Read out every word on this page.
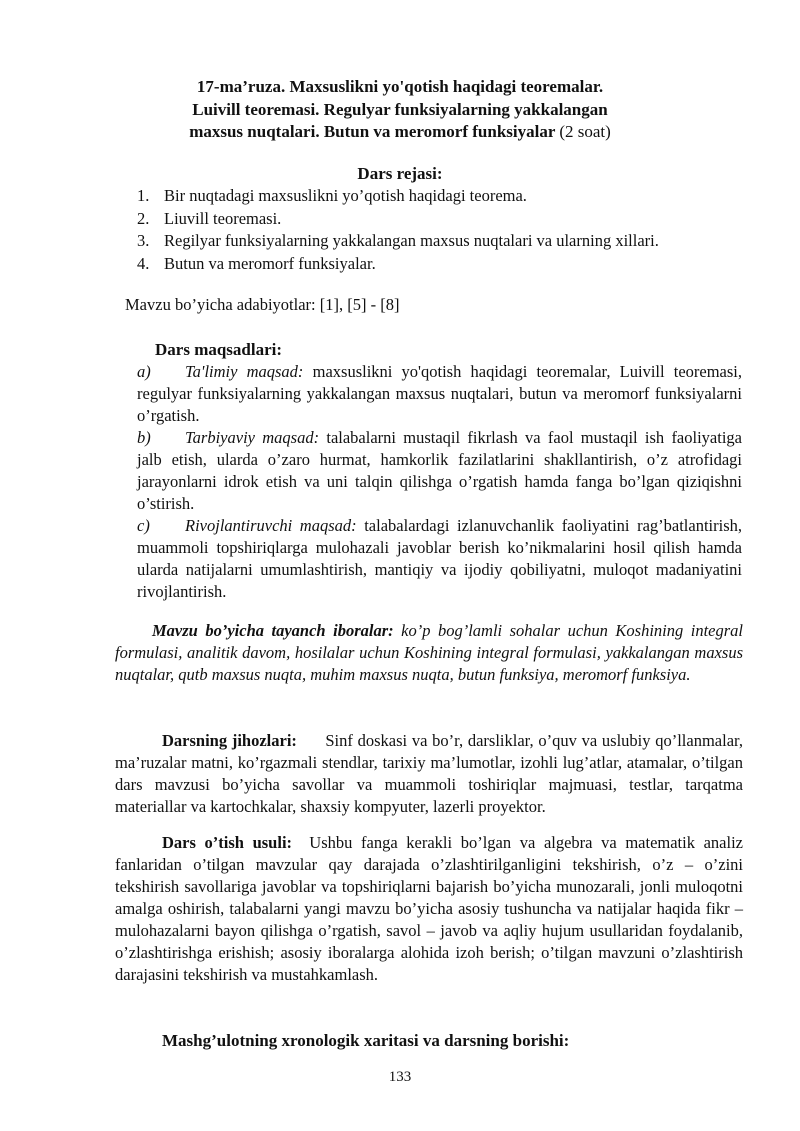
17-ma’ruza. Maxsuslikni yo'qotish haqidagi teoremalar.
Luivill teoremasi. Regulyar funksiyalarning yakkalangan
maxsus nuqtalari. Butun va meromorf funksiyalar (2 soat)
Dars rejasi:
1. Bir nuqtadagi maxsuslikni yo’qotish haqidagi teorema.
2. Liuvill teoremasi.
3. Regilyar funksiyalarning yakkalangan maxsus nuqtalari va ularning xillari.
4. Butun va meromorf funksiyalar.
Mavzu bo’yicha adabiyotlar: [1], [5] - [8]
Dars maqsadlari:

a) Ta'limiy maqsad: maxsuslikni yo'qotish haqidagi teoremalar, Luivill teoremasi, regulyar funksiyalarning yakkalangan maxsus nuqtalari, butun va meromorf funksiyalarni o’rgatish.

b) Tarbiyaviy maqsad: talabalarni mustaqil fikrlash va faol mustaqil ish faoliyatiga jalb etish, ularda o’zaro hurmat, hamkorlik fazilatlarini shakllantirish, o’z atrofidagi jarayonlarni idrok etish va uni talqin qilishga o’rgatish hamda fanga bo’lgan qiziqishni o’stirish.

c) Rivojlantiruvchi maqsad: talabalardagi izlanuvchanlik faoliyatini rag’batlantirish, muammoli topshiriqlarga mulohazali javoblar berish ko’nikmalarini hosil qilish hamda ularda natijalarni umumlashtirish, mantiqiy va ijodiy qobiliyatni, muloqot madaniyatini rivojlantirish.

Mavzu bo’yicha tayanch iboralar: ko’p bog’lamli sohalar uchun Koshining integral formulasi, analitik davom, hosilalar uchun Koshining integral formulasi, yakkalangan maxsus nuqtalar, qutb maxsus nuqta, muhim maxsus nuqta, butun funksiya, meromorf funksiya.
Darsning jihozlari: Sinf doskasi va bo’r, darsliklar, o’quv va uslubiy qo’llanmalar, ma’ruzalar matni, ko’rgazmali stendlar, tarixiy ma’lumotlar, izohli lug’atlar, atamalar, o’tilgan dars mavzusi bo’yicha savollar va muammoli toshiriqlar majmuasi, testlar, tarqatma materiallar va kartochkalar, shaxsiy kompyuter, lazerli proyektor.
Dars o’tish usuli: Ushbu fanga kerakli bo’lgan va algebra va matematik analiz fanlaridan o’tilgan mavzular qay darajada o’zlashtirilganligini tekshirish, o’z – o’zini tekshirish savollariga javoblar va topshiriqlarni bajarish bo’yicha munozarali, jonli muloqotni amalga oshirish, talabalarni yangi mavzu bo’yicha asosiy tushuncha va natijalar haqida fikr – mulohazalarni bayon qilishga o’rgatish, savol – javob va aqliy hujum usullaridan foydalanib, o’zlashtirishga erishish; asosiy iboralarga alohida izoh berish; o’tilgan mavzuni o’zlashtirish darajasini tekshirish va mustahkamlash.
Mashg’ulotning xronologik xaritasi va darsning borishi:
133
